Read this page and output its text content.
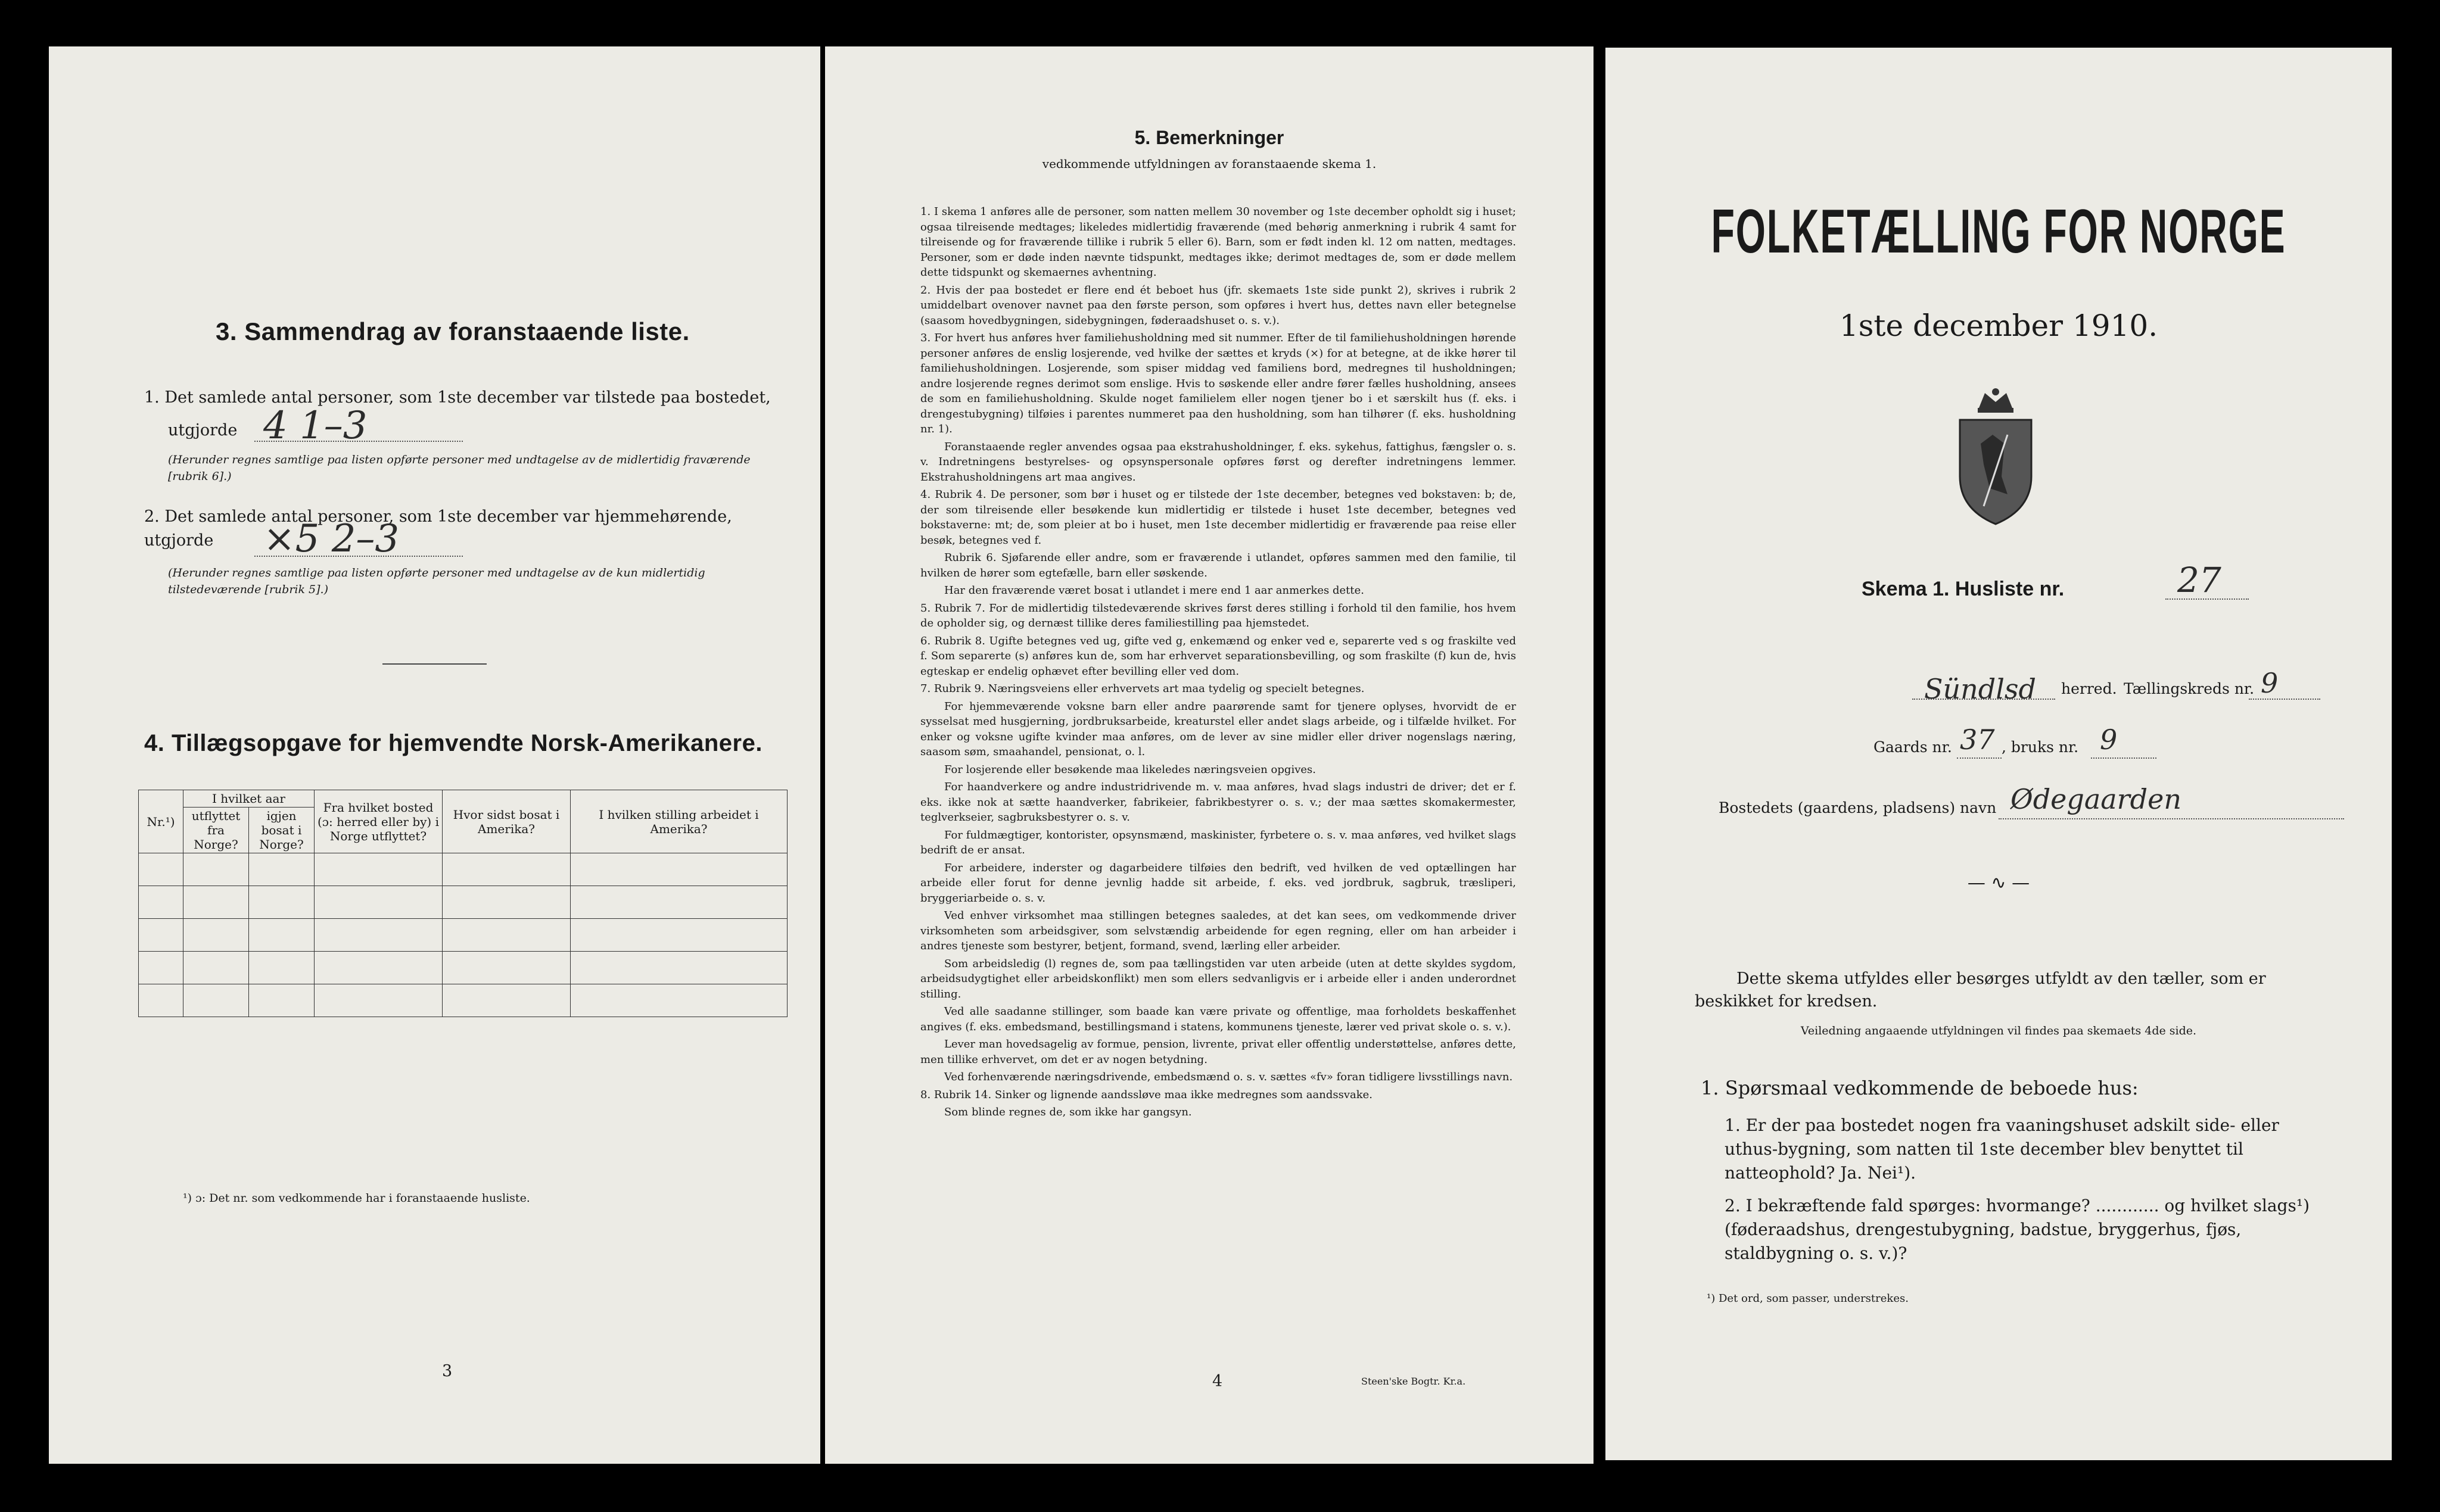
3. Sammendrag av foranstaaende liste.
1. Det samlede antal personer, som 1ste december var tilstede paa bostedet,
utgjorde 4 1–3
(Herunder regnes samtlige paa listen opførte personer med undtagelse av de midlertidig fraværende [rubrik 6].)
2. Det samlede antal personer, som 1ste december var hjemmehørende, utgjorde	×5 2–3
(Herunder regnes samtlige paa listen opførte personer med undtagelse av de kun midlertidig tilstedeværende [rubrik 5].)
4. Tillægsopgave for hjemvendte Norsk-Amerikanere.
Nr.¹)	I hvilket aar		Fra hvilket bosted (ɔ: herred eller by) i Norge utflyttet?	Hvor sidst bosat i Amerika?	I hvilken stilling arbeidet i Amerika?
	utflyttet fra Norge?	igjen bosat i Norge?			

¹) ɔ: Det nr. som vedkommende har i foranstaaende husliste.
3
5. Bemerkninger
vedkommende utfyldningen av foranstaaende skema 1.

1. I skema 1 anføres alle de personer, som natten mellem 30 november og 1ste december opholdt sig i huset; ogsaa tilreisende medtages; likeledes midlertidig fraværende (med behørig anmerkning i rubrik 4 samt for tilreisende og for fraværende tillike i rubrik 5 eller 6). Barn, som er født inden kl. 12 om natten, medtages. Personer, som er døde inden nævnte tidspunkt, medtages ikke; derimot medtages de, som er døde mellem dette tidspunkt og skemaernes avhentning.

2. Hvis der paa bostedet er flere end ét beboet hus (jfr. skemaets 1ste side punkt 2), skrives i rubrik 2 umiddelbart ovenover navnet paa den første person, som opføres i hvert hus, dettes navn eller betegnelse (saasom hovedbygningen, sidebygningen, føderaadshuset o. s. v.).

3. For hvert hus anføres hver familiehusholdning med sit nummer. Efter de til familiehusholdningen hørende personer anføres de enslig losjerende, ved hvilke der sættes et kryds (×) for at betegne, at de ikke hører til familiehusholdningen. Losjerende, som spiser middag ved familiens bord, medregnes til husholdningen; andre losjerende regnes derimot som enslige. Hvis to søskende eller andre fører fælles husholdning, ansees de som en familiehusholdning. Skulde noget familielem eller nogen tjener bo i et særskilt hus (f. eks. i drengestubygning) tilføies i parentes nummeret paa den husholdning, som han tilhører (f. eks. husholdning nr. 1).

Foranstaaende regler anvendes ogsaa paa ekstrahusholdninger, f. eks. sykehus, fattighus, fængsler o. s. v. Indretningens bestyrelses- og opsynspersonale opføres først og derefter indretningens lemmer. Ekstrahusholdningens art maa angives.

4. Rubrik 4. De personer, som bør i huset og er tilstede der 1ste december, betegnes ved bokstaven: b; de, der som tilreisende eller besøkende kun midlertidig er tilstede i huset 1ste december, betegnes ved bokstaverne: mt; de, som pleier at bo i huset, men 1ste december midlertidig er fraværende paa reise eller besøk, betegnes ved f.

Rubrik 6. Sjøfarende eller andre, som er fraværende i utlandet, opføres sammen med den familie, til hvilken de hører som egtefælle, barn eller søskende.

Har den fraværende været bosat i utlandet i mere end 1 aar anmerkes dette.

5. Rubrik 7. For de midlertidig tilstedeværende skrives først deres stilling i forhold til den familie, hos hvem de opholder sig, og dernæst tillike deres familiestilling paa hjemstedet.

6. Rubrik 8. Ugifte betegnes ved ug, gifte ved g, enkemænd og enker ved e, separerte ved s og fraskilte ved f. Som separerte (s) anføres kun de, som har erhvervet separationsbevilling, og som fraskilte (f) kun de, hvis egteskap er endelig ophævet efter bevilling eller ved dom.

7. Rubrik 9. Næringsveiens eller erhvervets art maa tydelig og specielt betegnes.

For hjemmeværende voksne barn eller andre paarørende samt for tjenere oplyses, hvorvidt de er sysselsat med husgjerning, jordbruksarbeide, kreaturstel eller andet slags arbeide, og i tilfælde hvilket. For enker og voksne ugifte kvinder maa anføres, om de lever av sine midler eller driver nogenslags næring, saasom søm, smaahandel, pensionat, o. l.

For losjerende eller besøkende maa likeledes næringsveien opgives.

For haandverkere og andre industridrivende m. v. maa anføres, hvad slags industri de driver; det er f. eks. ikke nok at sætte haandverker, fabrikeier, fabrikbestyrer o. s. v.; der maa sættes skomakermester, teglverkseier, sagbruksbestyrer o. s. v.

For fuldmægtiger, kontorister, opsynsmænd, maskinister, fyrbetere o. s. v. maa anføres, ved hvilket slags bedrift de er ansat.

For arbeidere, inderster og dagarbeidere tilføies den bedrift, ved hvilken de ved optællingen har arbeide eller forut for denne jevnlig hadde sit arbeide, f. eks. ved jordbruk, sagbruk, træsliperi, bryggeriarbeide o. s. v.

Ved enhver virksomhet maa stillingen betegnes saaledes, at det kan sees, om vedkommende driver virksomheten som arbeidsgiver, som selvstændig arbeidende for egen regning, eller om han arbeider i andres tjeneste som bestyrer, betjent, formand, svend, lærling eller arbeider.

Som arbeidsledig (l) regnes de, som paa tællingstiden var uten arbeide (uten at dette skyldes sygdom, arbeidsudygtighet eller arbeidskonflikt) men som ellers sedvanligvis er i arbeide eller i anden underordnet stilling.

Ved alle saadanne stillinger, som baade kan være private og offentlige, maa forholdets beskaffenhet angives (f. eks. embedsmand, bestillingsmand i statens, kommunens tjeneste, lærer ved privat skole o. s. v.).

Lever man hovedsagelig av formue, pension, livrente, privat eller offentlig understøttelse, anføres dette, men tillike erhvervet, om det er av nogen betydning.

Ved forhenværende næringsdrivende, embedsmænd o. s. v. sættes «fv» foran tidligere livsstillings navn.

8. Rubrik 14. Sinker og lignende aandssløve maa ikke medregnes som aandssvake.

Som blinde regnes de, som ikke har gangsyn.

4	Steen'ske Bogtr. Kr.a.
FOLKETÆLLING FOR NORGE
1ste december 1910.
Skema 1. Husliste nr.	27
Sündlsd herred. Tællingskreds nr. 9
Gaards nr. 37 , bruks nr. 9
Bostedets (gaardens, pladsens) navn Ødegaarden
— ∿ —
Dette skema utfyldes eller besørges utfyldt av den tæller, som er beskikket for kredsen.
Veiledning angaaende utfyldningen vil findes paa skemaets 4de side.
1. Spørsmaal vedkommende de beboede hus:
1. Er der paa bostedet nogen fra vaaningshuset adskilt side- eller uthus-bygning, som natten til 1ste december blev benyttet til natteophold? Ja. Nei¹).
2. I bekræftende fald spørges: hvormange? ............ og hvilket slags¹) (føderaadshus, drengestubygning, badstue, bryggerhus, fjøs, staldbygning o. s. v.)?
¹) Det ord, som passer, understrekes.
